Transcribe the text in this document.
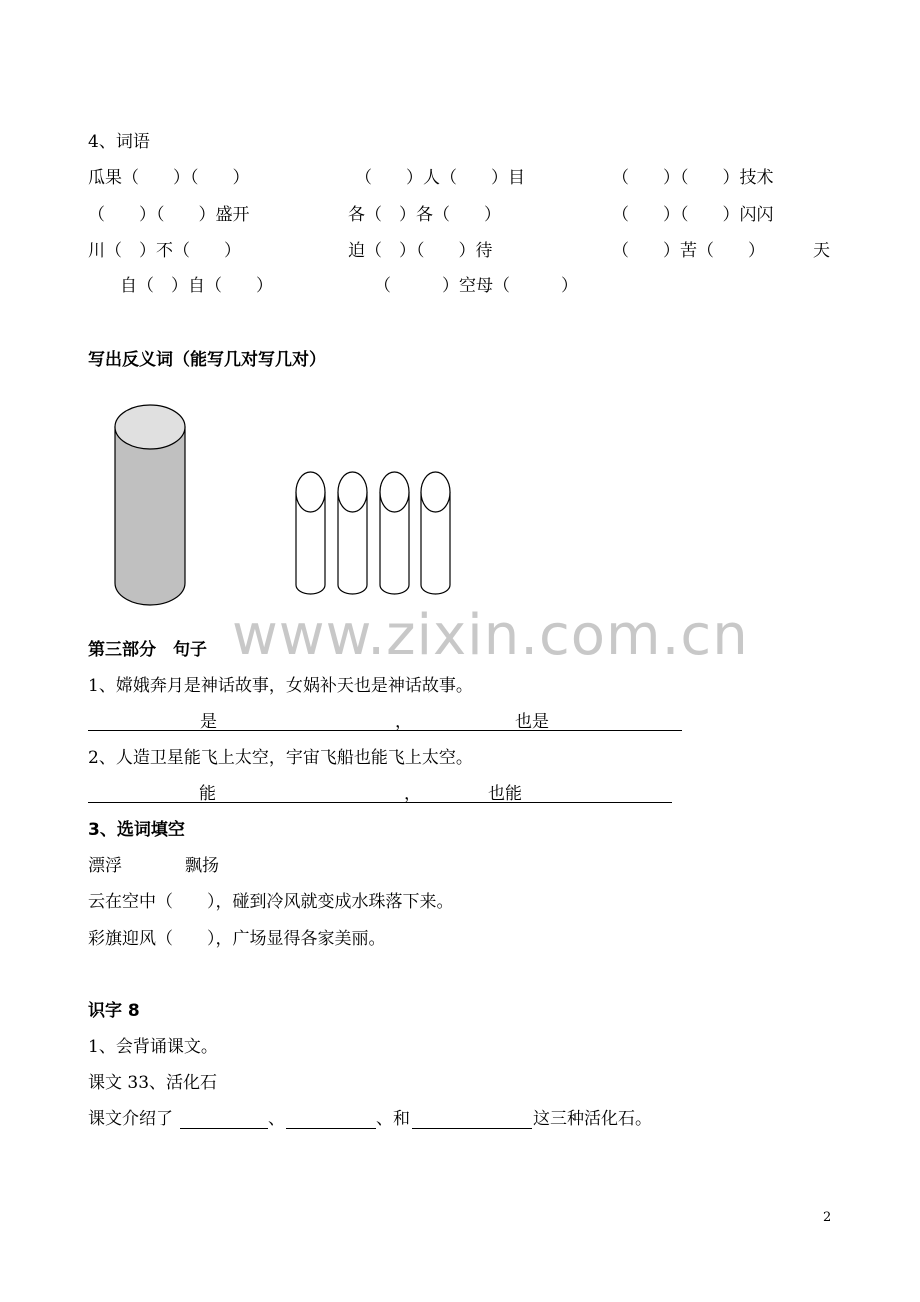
4、词语
瓜果（　　）（　　）	（　　）人（　　）目	（　　）（　　）技术
（　　）（　　）盛开	各（　）各（　　）	（　　）（　　）闪闪
川（　）不（　　）	迫（　）（　　）待	（　　）苦（　　）	天
自（　）自（　　）	（　　　）空母（　　　）
写出反义词（能写几对写几对）
www.zixin.com.cn
第三部分　句子
1、嫦娥奔月是神话故事，女娲补天也是神话故事。
是	，	也是
2、人造卫星能飞上太空，宇宙飞船也能飞上太空。
能	，	也能
3、选词填空
漂浮	飘扬
云在空中（　　），碰到冷风就变成水珠落下来。
彩旗迎风（　　），广场显得各家美丽。
识字 8
1、会背诵课文。
课文 33、活化石
课文介绍了	、	、和	这三种活化石。
2
